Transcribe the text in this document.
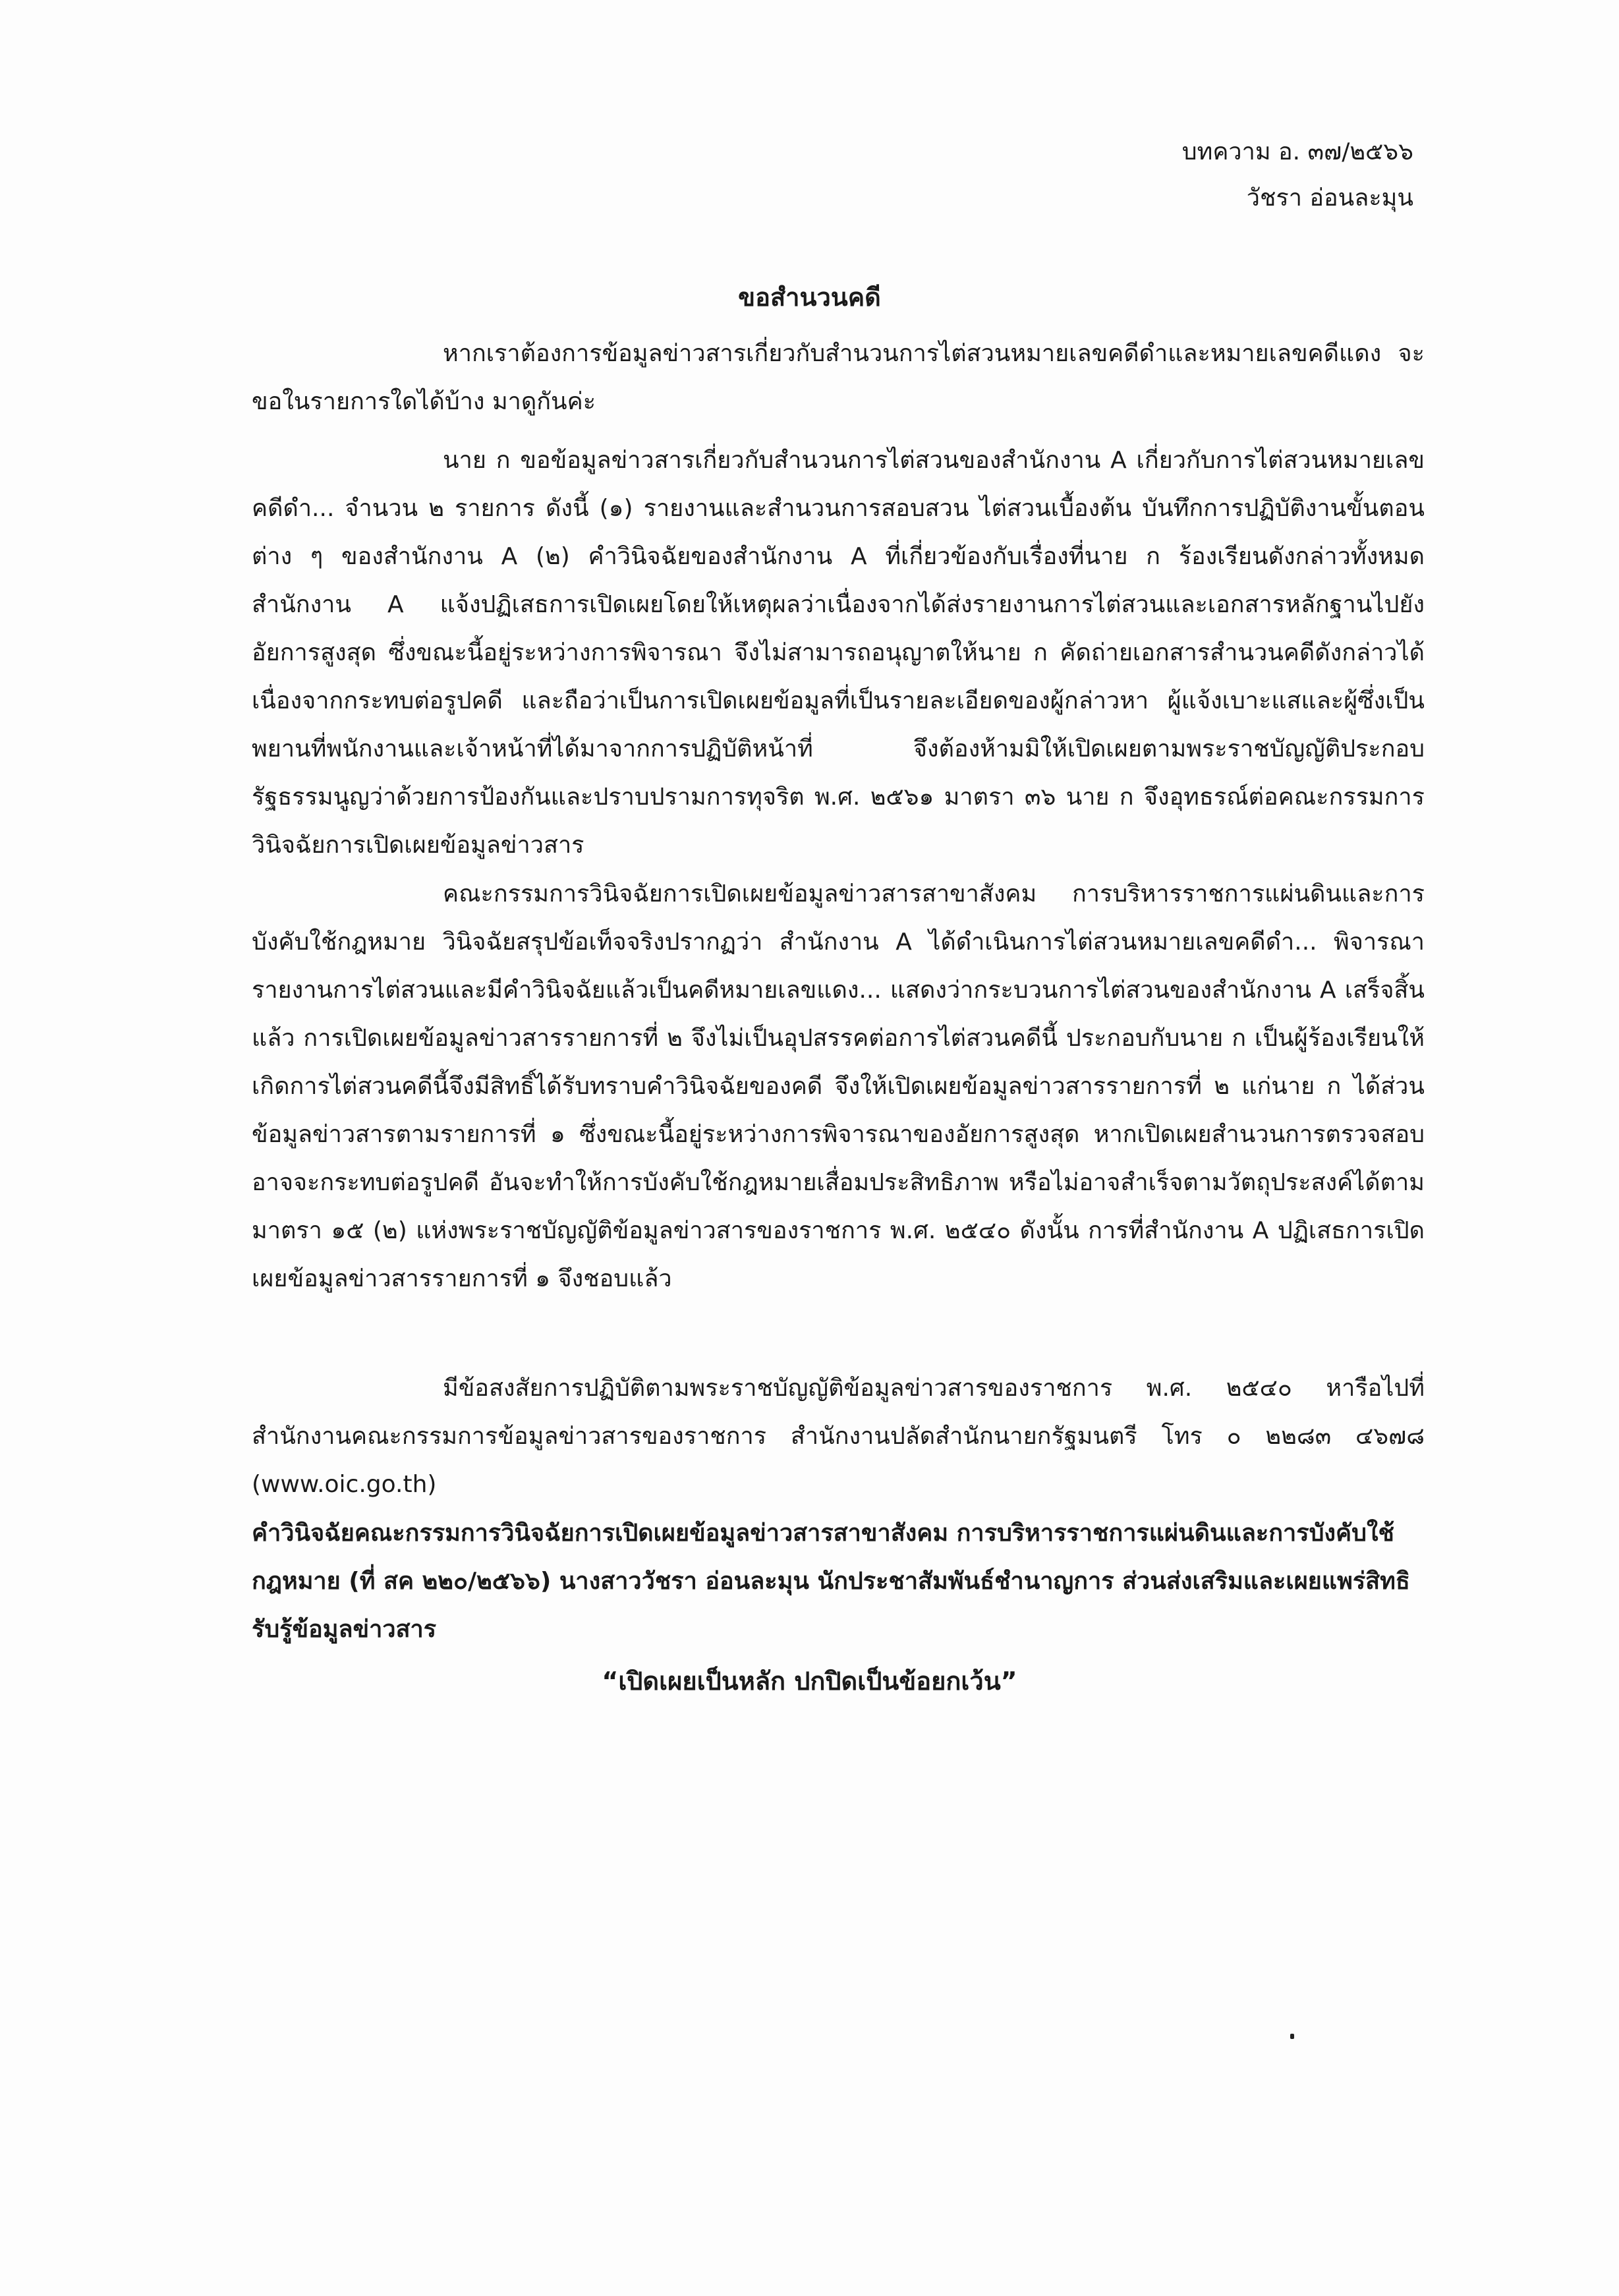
บทความ อ. ๓๗/๒๕๖๖
วัชรา อ่อนละมุน
ขอสำนวนคดี

หากเราต้องการข้อมูลข่าวสารเกี่ยวกับสำนวนการไต่สวนหมายเลขคดีดำและหมายเลขคดีแดง จะขอในรายการใดได้บ้าง มาดูกันค่ะ

นาย ก ขอข้อมูลข่าวสารเกี่ยวกับสำนวนการไต่สวนของสำนักงาน A เกี่ยวกับการไต่สวนหมายเลขคดีดำ... จำนวน ๒ รายการ ดังนี้ (๑) รายงานและสำนวนการสอบสวน ไต่สวนเบื้องต้น บันทึกการปฏิบัติงานขั้นตอนต่าง ๆ ของสำนักงาน A (๒) คำวินิจฉัยของสำนักงาน A ที่เกี่ยวข้องกับเรื่องที่นาย ก ร้องเรียนดังกล่าวทั้งหมด สำนักงาน A แจ้งปฏิเสธการเปิดเผยโดยให้เหตุผลว่าเนื่องจากได้ส่งรายงานการไต่สวนและเอกสารหลักฐานไปยังอัยการสูงสุด ซึ่งขณะนี้อยู่ระหว่างการพิจารณา จึงไม่สามารถอนุญาตให้นาย ก คัดถ่ายเอกสารสำนวนคดีดังกล่าวได้เนื่องจากกระทบต่อรูปคดี และถือว่าเป็นการเปิดเผยข้อมูลที่เป็นรายละเอียดของผู้กล่าวหา ผู้แจ้งเบาะแสและผู้ซึ่งเป็นพยานที่พนักงานและเจ้าหน้าที่ได้มาจากการปฏิบัติหน้าที่ จึงต้องห้ามมิให้เปิดเผยตามพระราชบัญญัติประกอบรัฐธรรมนูญว่าด้วยการป้องกันและปราบปรามการทุจริต พ.ศ. ๒๕๖๑ มาตรา ๓๖ นาย ก จึงอุทธรณ์ต่อคณะกรรมการวินิจฉัยการเปิดเผยข้อมูลข่าวสาร

คณะกรรมการวินิจฉัยการเปิดเผยข้อมูลข่าวสารสาขาสังคม การบริหารราชการแผ่นดินและการบังคับใช้กฎหมาย วินิจฉัยสรุปข้อเท็จจริงปรากฏว่า สำนักงาน A ได้ดำเนินการไต่สวนหมายเลขคดีดำ... พิจารณารายงานการไต่สวนและมีคำวินิจฉัยแล้วเป็นคดีหมายเลขแดง... แสดงว่ากระบวนการไต่สวนของสำนักงาน A เสร็จสิ้นแล้ว การเปิดเผยข้อมูลข่าวสารรายการที่ ๒ จึงไม่เป็นอุปสรรคต่อการไต่สวนคดีนี้ ประกอบกับนาย ก เป็นผู้ร้องเรียนให้เกิดการไต่สวนคดีนี้จึงมีสิทธิ์ได้รับทราบคำวินิจฉัยของคดี จึงให้เปิดเผยข้อมูลข่าวสารรายการที่ ๒ แก่นาย ก ได้ส่วนข้อมูลข่าวสารตามรายการที่ ๑ ซึ่งขณะนี้อยู่ระหว่างการพิจารณาของอัยการสูงสุด หากเปิดเผยสำนวนการตรวจสอบอาจจะกระทบต่อรูปคดี อันจะทำให้การบังคับใช้กฎหมายเสื่อมประสิทธิภาพ หรือไม่อาจสำเร็จตามวัตถุประสงค์ได้ตามมาตรา ๑๕ (๒) แห่งพระราชบัญญัติข้อมูลข่าวสารของราชการ พ.ศ. ๒๕๔๐ ดังนั้น การที่สำนักงาน A ปฏิเสธการเปิดเผยข้อมูลข่าวสารรายการที่ ๑ จึงชอบแล้ว

มีข้อสงสัยการปฏิบัติตามพระราชบัญญัติข้อมูลข่าวสารของราชการ พ.ศ. ๒๕๔๐ หารือไปที่ สำนักงานคณะกรรมการข้อมูลข่าวสารของราชการ สำนักงานปลัดสำนักนายกรัฐมนตรี โทร ๐ ๒๒๘๓ ๔๖๗๘ (www.oic.go.th)

คำวินิจฉัยคณะกรรมการวินิจฉัยการเปิดเผยข้อมูลข่าวสารสาขาสังคม การบริหารราชการแผ่นดินและการบังคับใช้กฎหมาย (ที่ สค ๒๒๐/๒๕๖๖) นางสาววัชรา อ่อนละมุน นักประชาสัมพันธ์ชำนาญการ ส่วนส่งเสริมและเผยแพร่สิทธิรับรู้ข้อมูลข่าวสาร
“เปิดเผยเป็นหลัก ปกปิดเป็นข้อยกเว้น”
